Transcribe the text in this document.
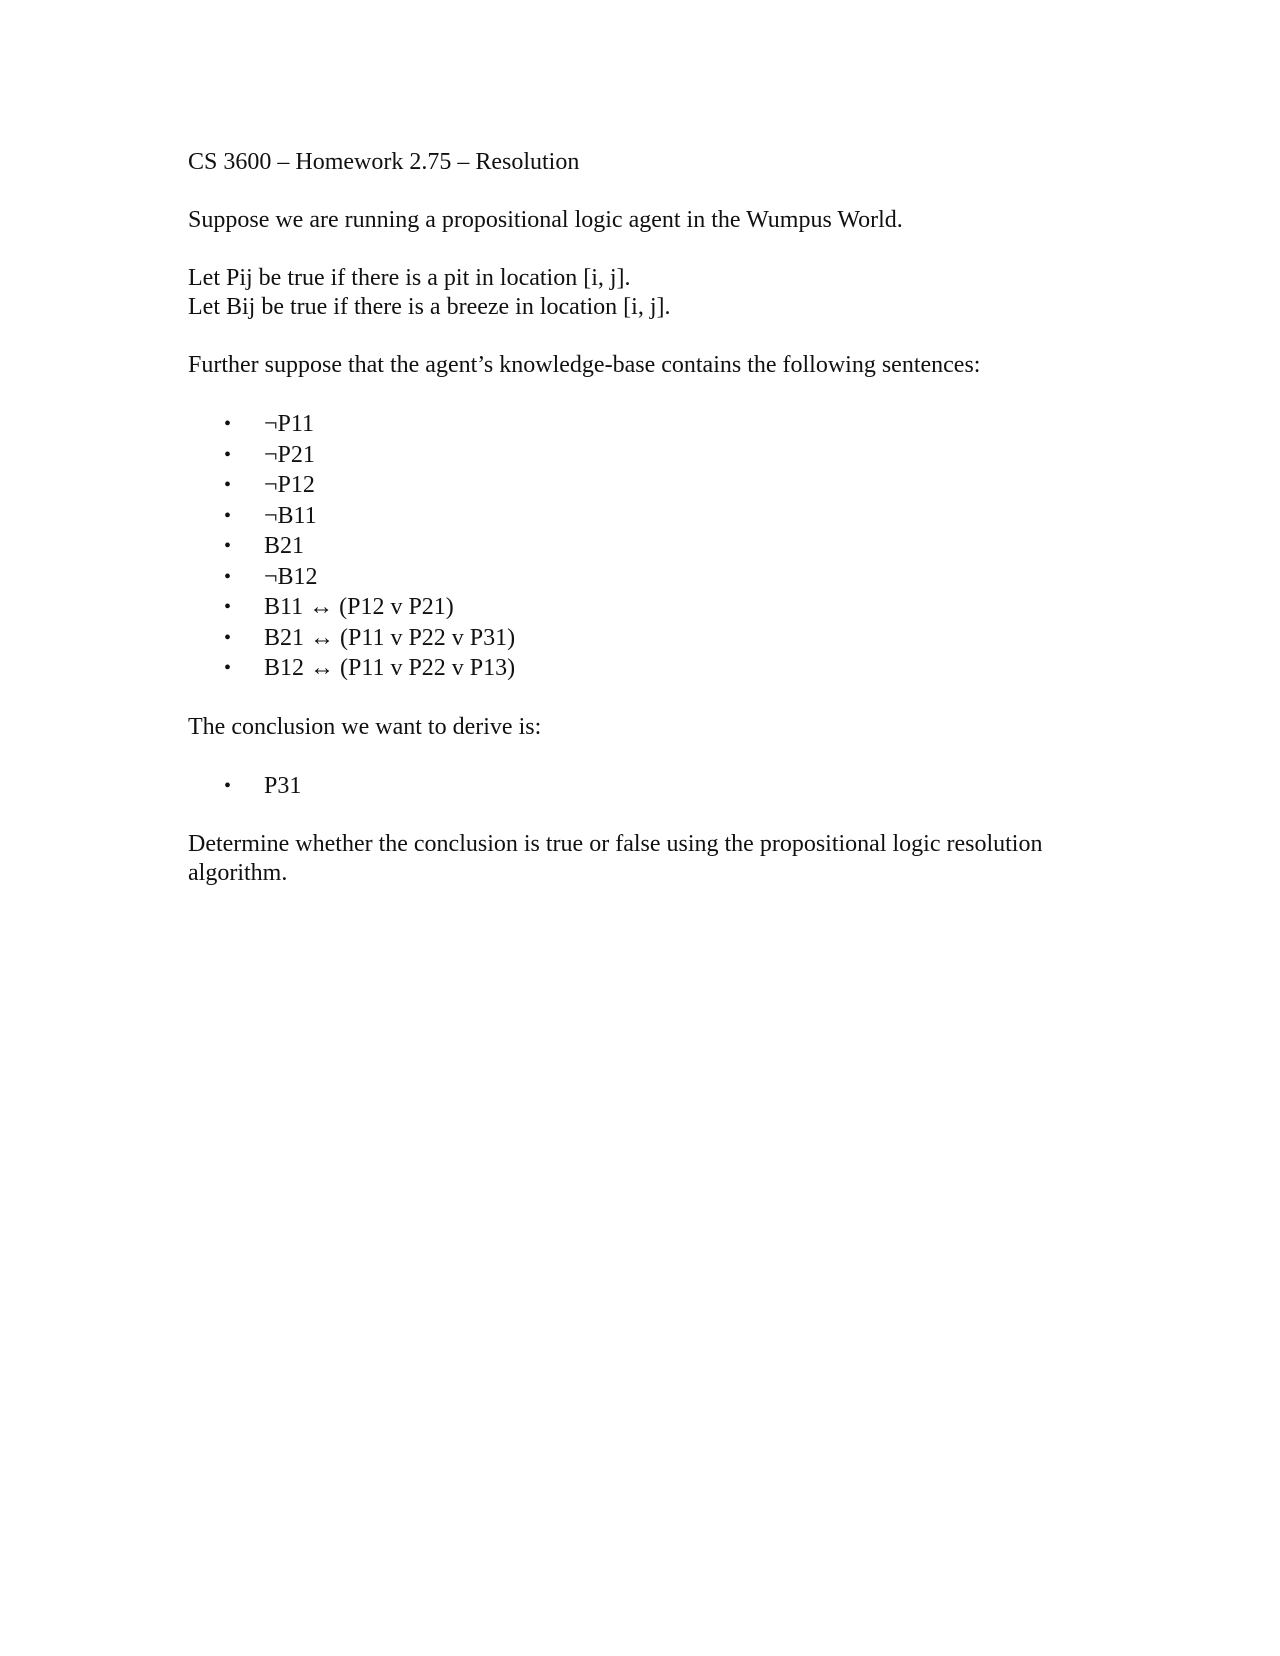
CS 3600 – Homework 2.75 – Resolution

Suppose we are running a propositional logic agent in the Wumpus World.

Let Pij be true if there is a pit in location [i, j].

Let Bij be true if there is a breeze in location [i, j].

Further suppose that the agent’s knowledge-base contains the following sentences:

• ¬P11
• ¬P21
• ¬P12
• ¬B11
• B21
• ¬B12
• B11 ↔ (P12 v P21)
• B21 ↔ (P11 v P22 v P31)
• B12 ↔ (P11 v P22 v P13)

The conclusion we want to derive is:

• P31

Determine whether the conclusion is true or false using the propositional logic resolution algorithm.
